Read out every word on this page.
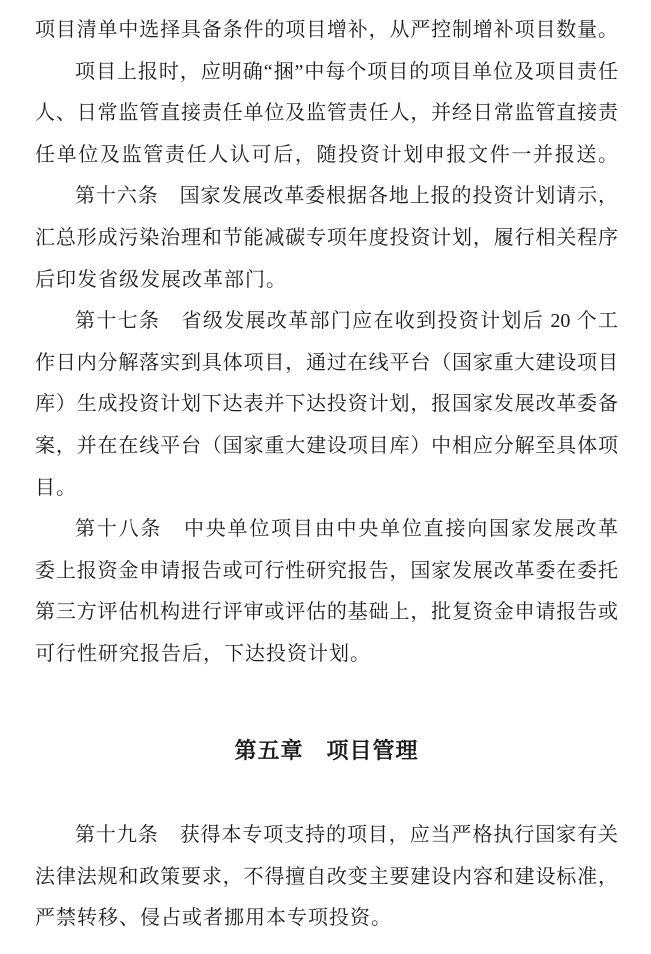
项目清单中选择具备条件的项目增补，从严控制增补项目数量。
项目上报时，应明确“捆”中每个项目的项目单位及项目责任
人、日常监管直接责任单位及监管责任人，并经日常监管直接责
任单位及监管责任人认可后，随投资计划申报文件一并报送。
第十六条　国家发展改革委根据各地上报的投资计划请示，
汇总形成污染治理和节能减碳专项年度投资计划，履行相关程序
后印发省级发展改革部门。
第十七条　省级发展改革部门应在收到投资计划后 20 个工
作日内分解落实到具体项目，通过在线平台（国家重大建设项目
库）生成投资计划下达表并下达投资计划，报国家发展改革委备
案，并在在线平台（国家重大建设项目库）中相应分解至具体项
目。
第十八条　中央单位项目由中央单位直接向国家发展改革
委上报资金申请报告或可行性研究报告，国家发展改革委在委托
第三方评估机构进行评审或评估的基础上，批复资金申请报告或
可行性研究报告后，下达投资计划。
第五章　项目管理
第十九条　获得本专项支持的项目，应当严格执行国家有关
法律法规和政策要求，不得擅自改变主要建设内容和建设标准，
严禁转移、侵占或者挪用本专项投资。
